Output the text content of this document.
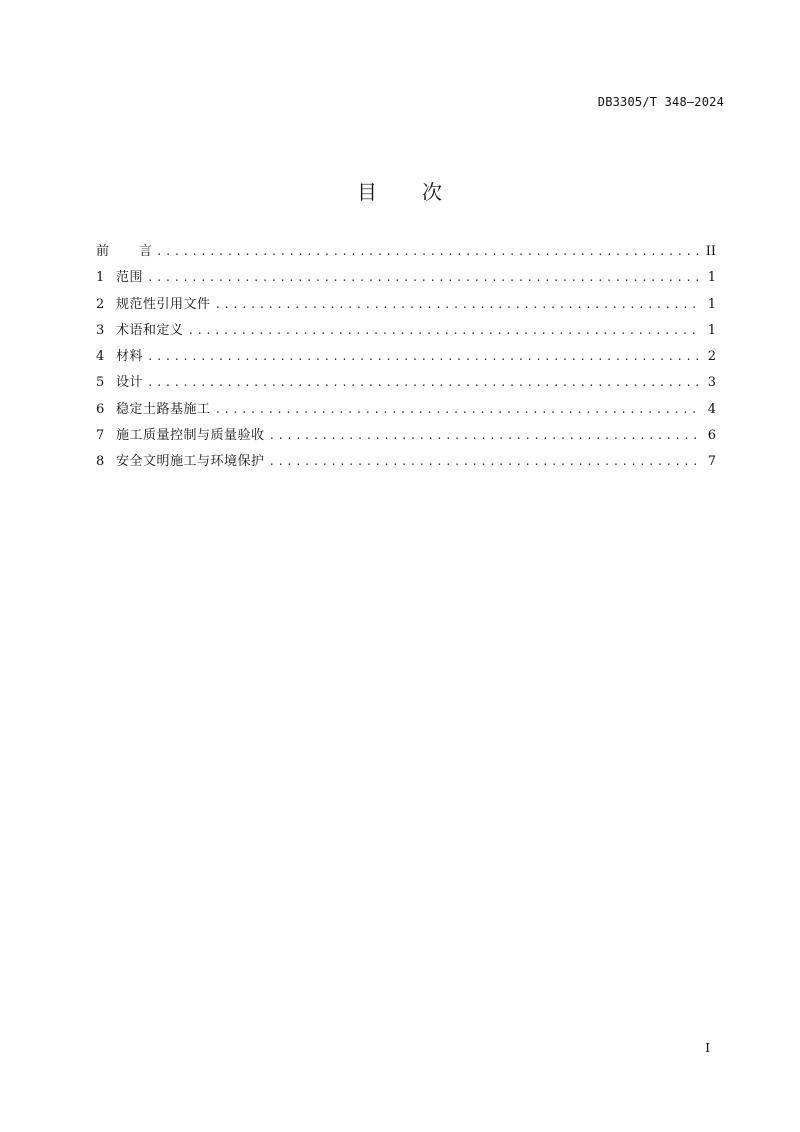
DB3305/T 348—2024
目 次
前 言 .....	II
1 范围 .....	1
2 规范性引用文件 .....	1
3 术语和定义 .....	1
4 材料 .....	2
5 设计 .....	3
6 稳定土路基施工 .....	4
7 施工质量控制与质量验收 .....	6
8 安全文明施工与环境保护 .....	7
I
